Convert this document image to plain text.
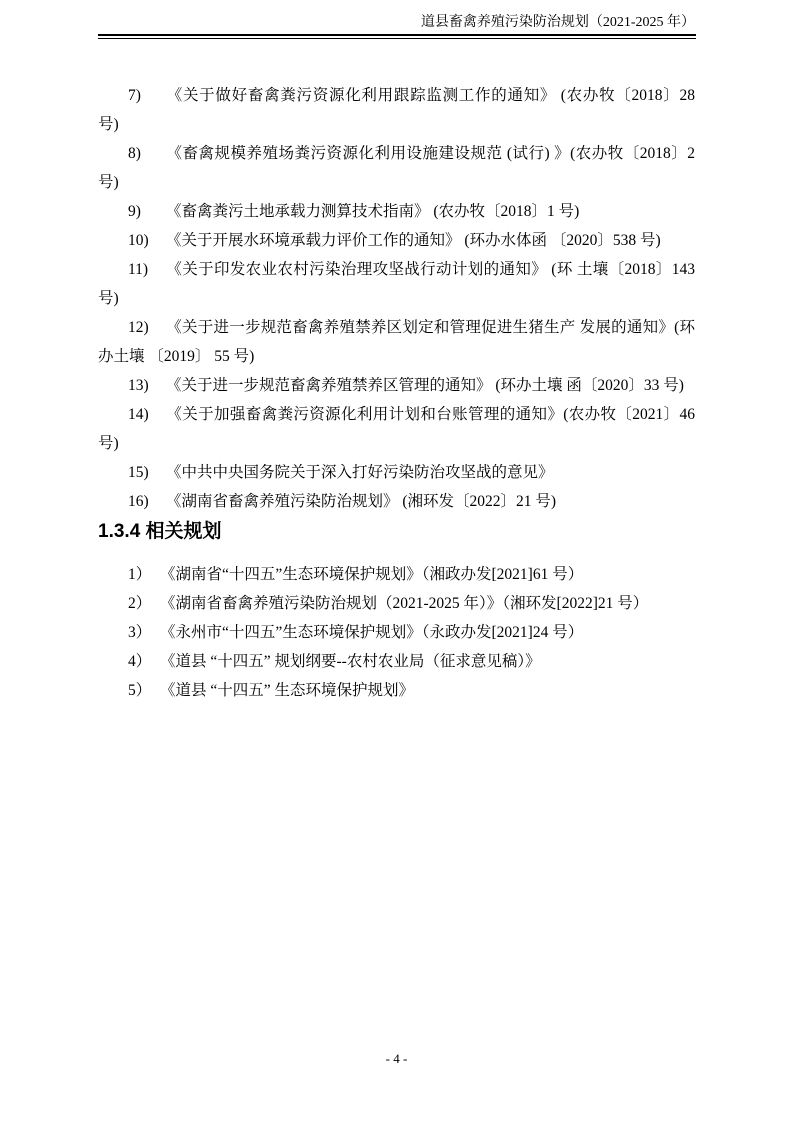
道县畜禽养殖污染防治规划（2021-2025 年）

7) 《关于做好畜禽粪污资源化利用跟踪监测工作的通知》 (农办牧〔2018〕28 号)

8) 《畜禽规模养殖场粪污资源化利用设施建设规范 (试行) 》(农办牧〔2018〕2 号)

9) 《畜禽粪污土地承载力测算技术指南》 (农办牧〔2018〕1 号)

10) 《关于开展水环境承载力评价工作的通知》 (环办水体函 〔2020〕538 号)

11) 《关于印发农业农村污染治理攻坚战行动计划的通知》 (环 土壤〔2018〕143 号)

12) 《关于进一步规范畜禽养殖禁养区划定和管理促进生猪生产 发展的通知》(环办土壤 〔2019〕 55 号)

13) 《关于进一步规范畜禽养殖禁养区管理的通知》 (环办土壤 函〔2020〕33 号)

14) 《关于加强畜禽粪污资源化利用计划和台账管理的通知》(农办牧〔2021〕46 号)

15) 《中共中央国务院关于深入打好污染防治攻坚战的意见》

16) 《湖南省畜禽养殖污染防治规划》 (湘环发〔2022〕21 号)

1.3.4 相关规划

1） 《湖南省“十四五”生态环境保护规划》（湘政办发[2021]61 号）

2） 《湖南省畜禽养殖污染防治规划（2021-2025 年）》（湘环发[2022]21 号）

3） 《永州市“十四五”生态环境保护规划》（永政办发[2021]24 号）

4） 《道县 “十四五” 规划纲要--农村农业局（征求意见稿）》

5） 《道县 “十四五” 生态环境保护规划》

- 4 -
